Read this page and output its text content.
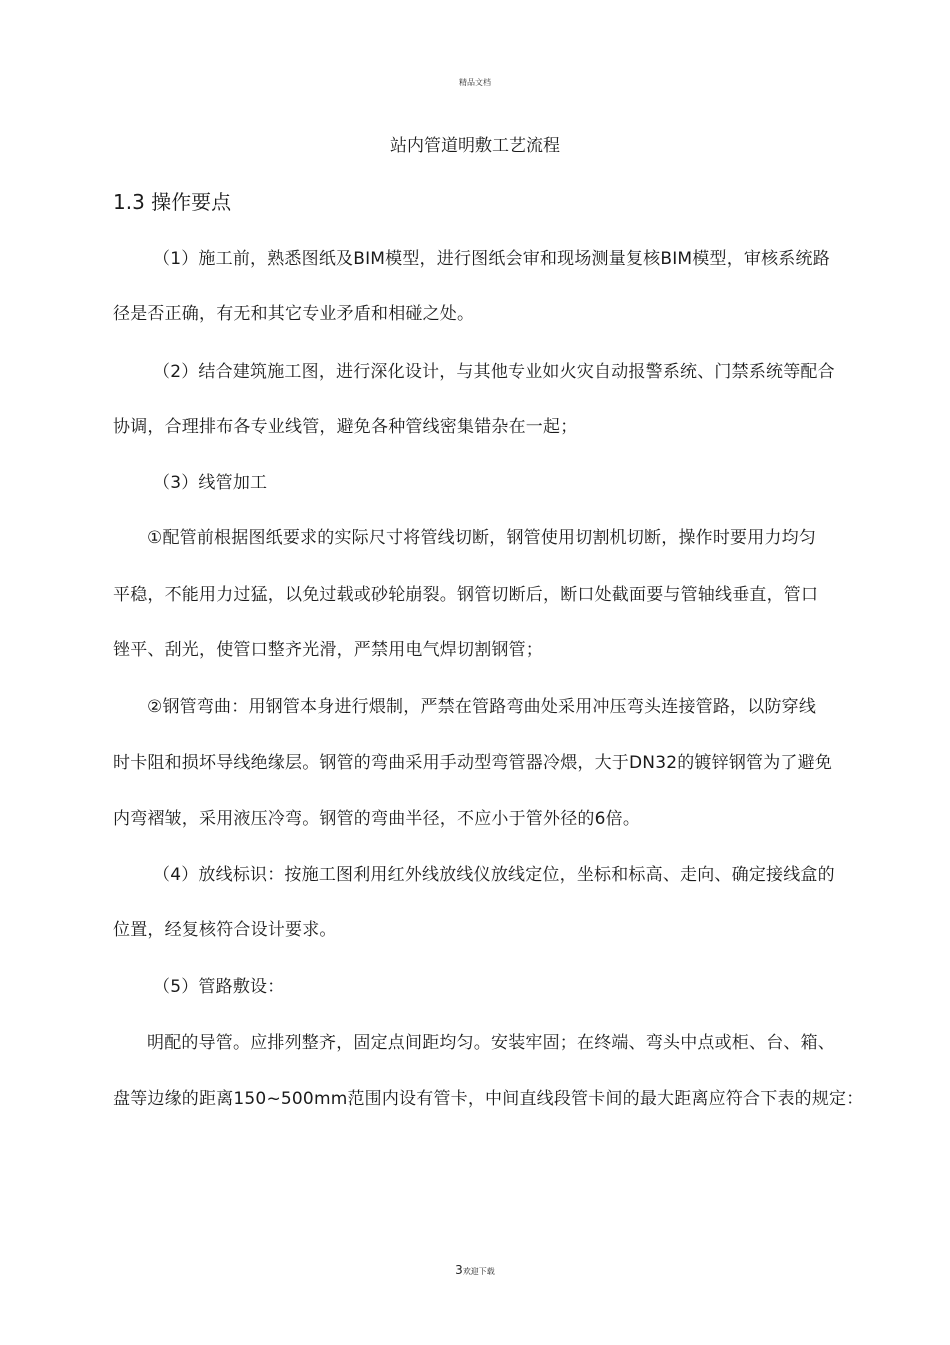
精品文档
站内管道明敷工艺流程
1.3 操作要点
（1）施工前，熟悉图纸及BIM模型，进行图纸会审和现场测量复核BIM模型，审核系统路
径是否正确，有无和其它专业矛盾和相碰之处。
（2）结合建筑施工图，进行深化设计，与其他专业如火灾自动报警系统、门禁系统等配合
协调，合理排布各专业线管，避免各种管线密集错杂在一起；
（3）线管加工
①配管前根据图纸要求的实际尺寸将管线切断，钢管使用切割机切断，操作时要用力均匀
平稳，不能用力过猛，以免过载或砂轮崩裂。钢管切断后，断口处截面要与管轴线垂直，管口
锉平、刮光，使管口整齐光滑，严禁用电气焊切割钢管；
②钢管弯曲：用钢管本身进行煨制，严禁在管路弯曲处采用冲压弯头连接管路，以防穿线
时卡阻和损坏导线绝缘层。钢管的弯曲采用手动型弯管器冷煨，大于DN32的镀锌钢管为了避免
内弯褶皱，采用液压冷弯。钢管的弯曲半径，不应小于管外径的6倍。
（4）放线标识：按施工图利用红外线放线仪放线定位，坐标和标高、走向、确定接线盒的
位置，经复核符合设计要求。
（5）管路敷设：
明配的导管。应排列整齐，固定点间距均匀。安装牢固；在终端、弯头中点或柜、台、箱、
盘等边缘的距离150~500mm范围内设有管卡，中间直线段管卡间的最大距离应符合下表的规定：
3欢迎下载
